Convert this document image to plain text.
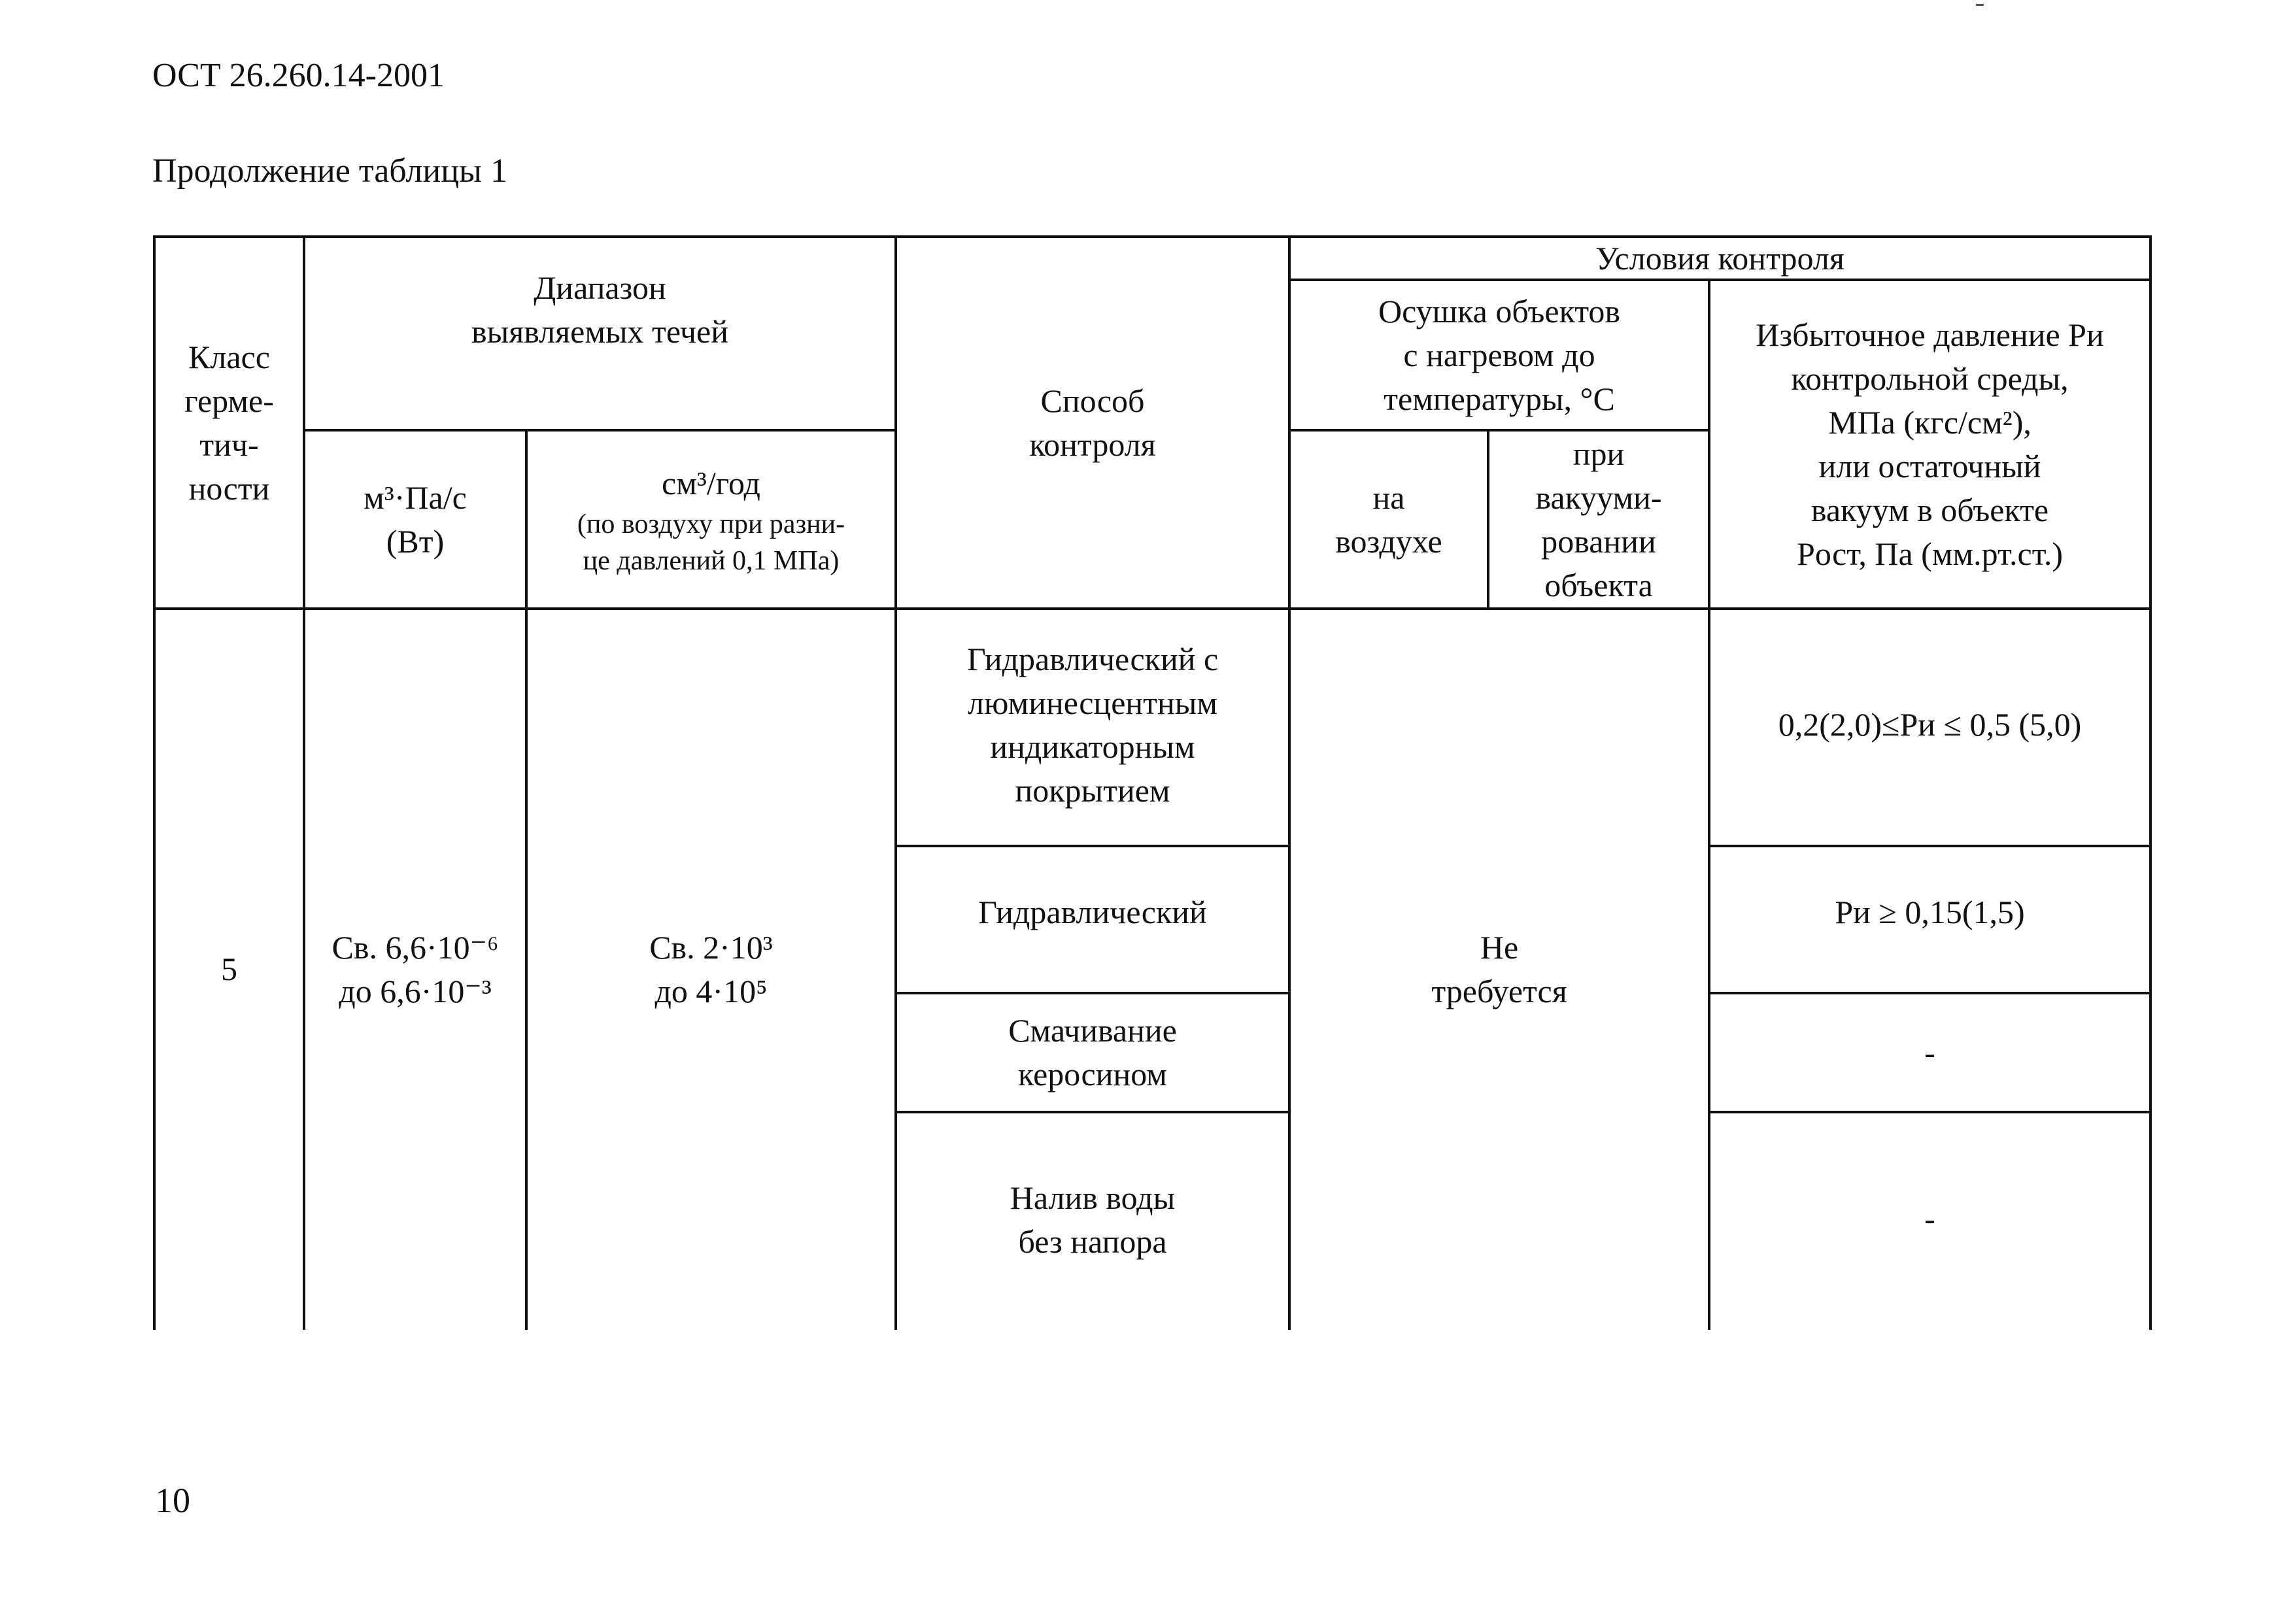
ОСТ 26.260.14-2001
Продолжение таблицы 1
Класс
герме-
тич-
ности
Диапазон
выявляемых течей
м³·Па/с
(Вт)
см³/год
(по воздуху при разни-
це давлений 0,1 МПа)
Способ
контроля
Условия контроля
Осушка объектов
с нагревом до
температуры, °С
на
воздухе
при
вакууми-
ровании
объекта
Избыточное давление Pи
контрольной среды,
МПа (кгс/см²),
или остаточный
вакуум в объекте
Pост, Па (мм.рт.ст.)
5
Св. 6,6·10⁻⁶
до 6,6·10⁻³
Св. 2·10³
до 4·10⁵
Не
требуется
Гидравлический с
люминесцентным
индикаторным
покрытием
Гидравлический
Смачивание
керосином
Налив воды
без напора
0,2(2,0)≤Pи ≤ 0,5 (5,0)
Pи ≥ 0,15(1,5)
-
-
10
